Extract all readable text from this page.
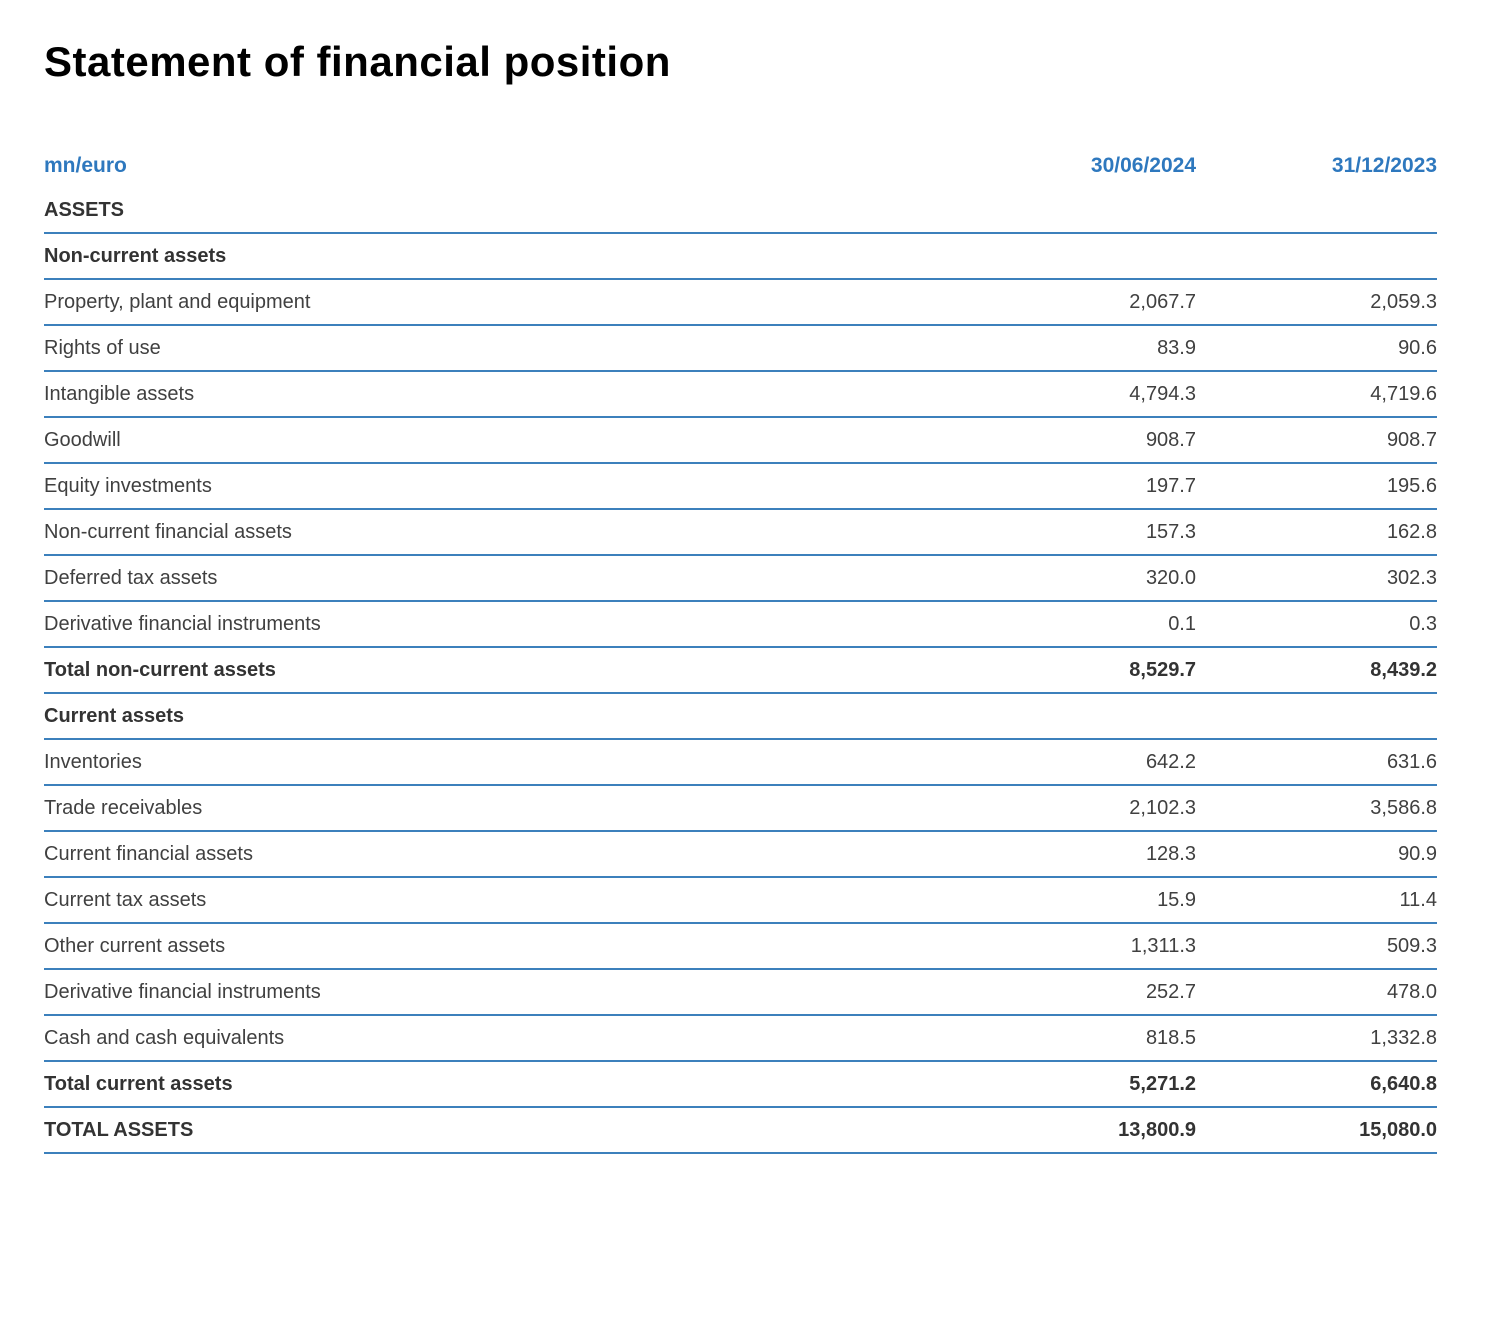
Statement of financial position
mn/euro	30/06/2024	31/12/2023
ASSETS
Non-current assets
Property, plant and equipment	2,067.7	2,059.3
Rights of use	83.9	90.6
Intangible assets	4,794.3	4,719.6
Goodwill	908.7	908.7
Equity investments	197.7	195.6
Non-current financial assets	157.3	162.8
Deferred tax assets	320.0	302.3
Derivative financial instruments	0.1	0.3
Total non-current assets	8,529.7	8,439.2
Current assets
Inventories	642.2	631.6
Trade receivables	2,102.3	3,586.8
Current financial assets	128.3	90.9
Current tax assets	15.9	11.4
Other current assets	1,311.3	509.3
Derivative financial instruments	252.7	478.0
Cash and cash equivalents	818.5	1,332.8
Total current assets	5,271.2	6,640.8
TOTAL ASSETS	13,800.9	15,080.0
